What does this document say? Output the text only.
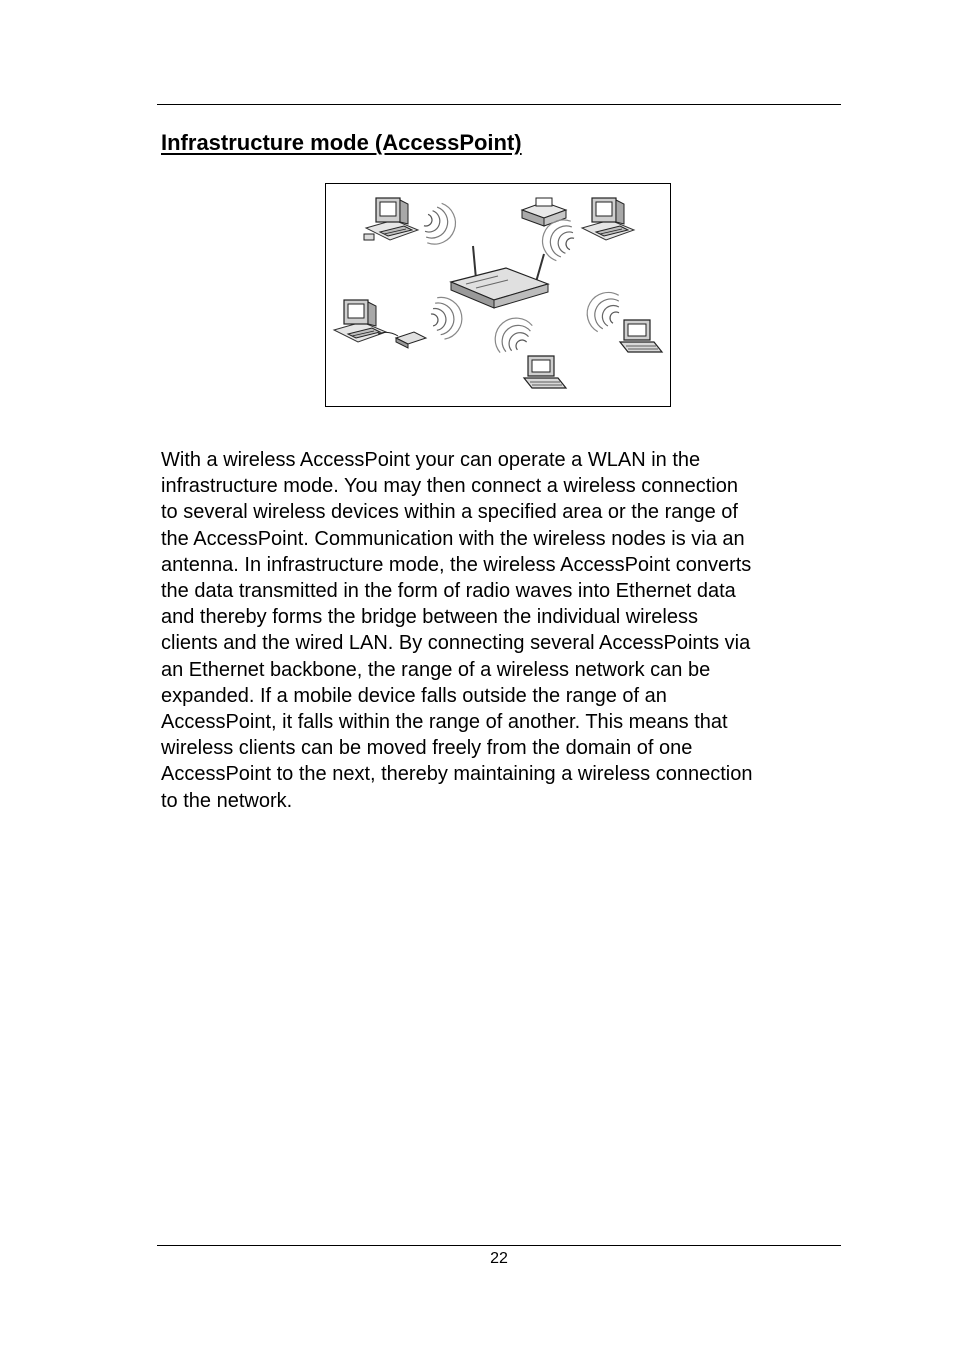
Infrastructure mode (AccessPoint)

With a wireless AccessPoint your can operate a WLAN in the
infrastructure mode. You may then connect a wireless connection
to several wireless devices within a specified area or the range of
the AccessPoint. Communication with the wireless nodes is via an
antenna. In infrastructure mode, the wireless AccessPoint converts
the data transmitted in the form of radio waves into Ethernet data
and thereby forms the bridge between the individual wireless
clients and the wired LAN. By connecting several AccessPoints via
an Ethernet backbone, the range of a wireless network can be
expanded. If a mobile device falls outside the range of an
AccessPoint, it falls within the range of another. This means that
wireless clients can be moved freely from the domain of one
AccessPoint to the next, thereby maintaining a wireless connection
to the network.

22
